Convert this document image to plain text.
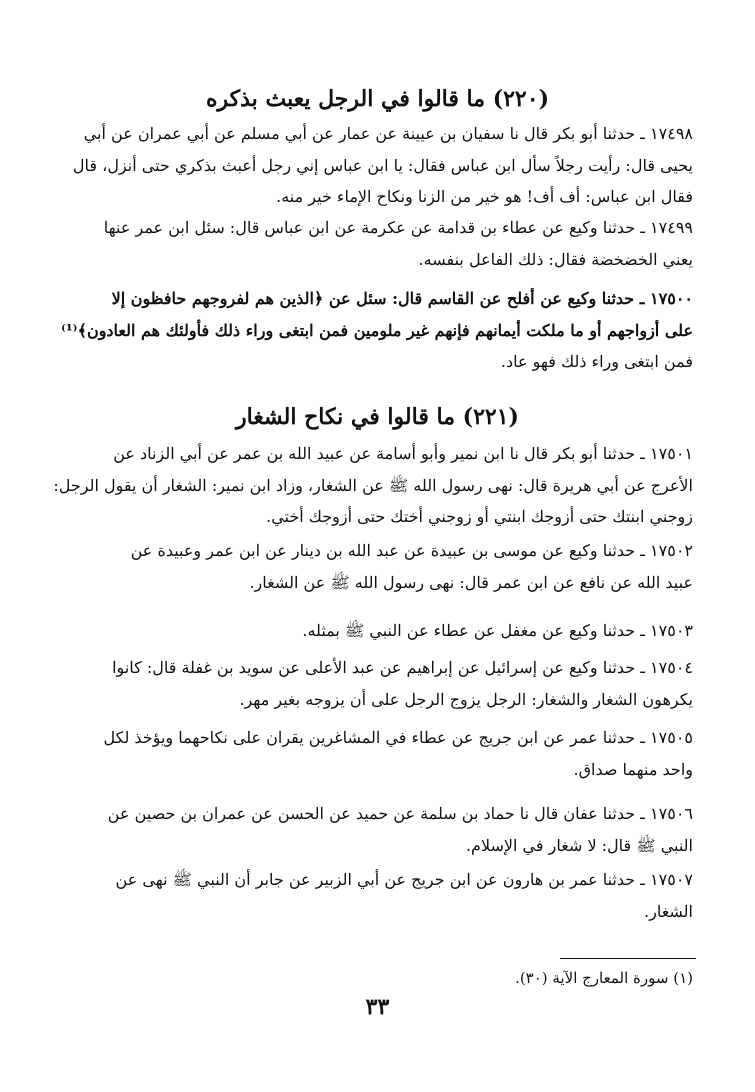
(٢٢٠) ما قالوا في الرجل يعبث بذكره
١٧٤٩٨ ـ حدثنا أبو بكر قال نا سفيان بن عيينة عن عمار عن أبي مسلم عن أبي عمران عن أبي
يحيى قال: رأيت رجلاً سأل ابن عباس فقال: يا ابن عباس إني رجل أعبث بذكري حتى أنزل، قال
فقال ابن عباس: أف أف! هو خير من الزنا ونكاح الإماء خير منه.
١٧٤٩٩ ـ حدثنا وكيع عن عطاء بن قدامة عن عكرمة عن ابن عباس قال: سئل ابن عمر عنها
يعني الخضخضة فقال: ذلك الفاعل بنفسه.
١٧٥٠٠ ـ حدثنا وكيع عن أفلح عن القاسم قال: سئل عن ﴿الذين هم لفروجهم حافظون إلا
على أزواجهم أو ما ملكت أيمانهم فإنهم غير ملومين فمن ابتغى وراء ذلك فأولئك هم العادون﴾⁽¹⁾
فمن ابتغى وراء ذلك فهو عاد.
(٢٢١) ما قالوا في نكاح الشغار
١٧٥٠١ ـ حدثنا أبو بكر قال نا ابن نمير وأبو أسامة عن عبيد الله بن عمر عن أبي الزناد عن
الأعرج عن أبي هريرة قال: نهى رسول الله ﷺ عن الشغار، وزاد ابن نمير: الشغار أن يقول الرجل:
زوجني ابنتك حتى أزوجك ابنتي أو زوجني أختك حتى أزوجك أختي.
١٧٥٠٢ ـ حدثنا وكيع عن موسى بن عبيدة عن عبد الله بن دينار عن ابن عمر وعبيدة عن
عبيد الله عن نافع عن ابن عمر قال: نهى رسول الله ﷺ عن الشغار.
١٧٥٠٣ ـ حدثنا وكيع عن مغفل عن عطاء عن النبي ﷺ بمثله.
١٧٥٠٤ ـ حدثنا وكيع عن إسرائيل عن إبراهيم عن عبد الأعلى عن سويد بن غفلة قال: كانوا
يكرهون الشغار والشغار: الرجل يزوج الرجل على أن يزوجه بغير مهر.
١٧٥٠٥ ـ حدثنا عمر عن ابن جريج عن عطاء في المشاغرين يقران على نكاحهما ويؤخذ لكل
واحد منهما صداق.
١٧٥٠٦ ـ حدثنا عفان قال نا حماد بن سلمة عن حميد عن الحسن عن عمران بن حصين عن
النبي ﷺ قال: لا شغار في الإسلام.
١٧٥٠٧ ـ حدثنا عمر بن هارون عن ابن جريج عن أبي الزبير عن جابر أن النبي ﷺ نهى عن
الشغار.
(١) سورة المعارج الآية (٣٠).
٣٣
